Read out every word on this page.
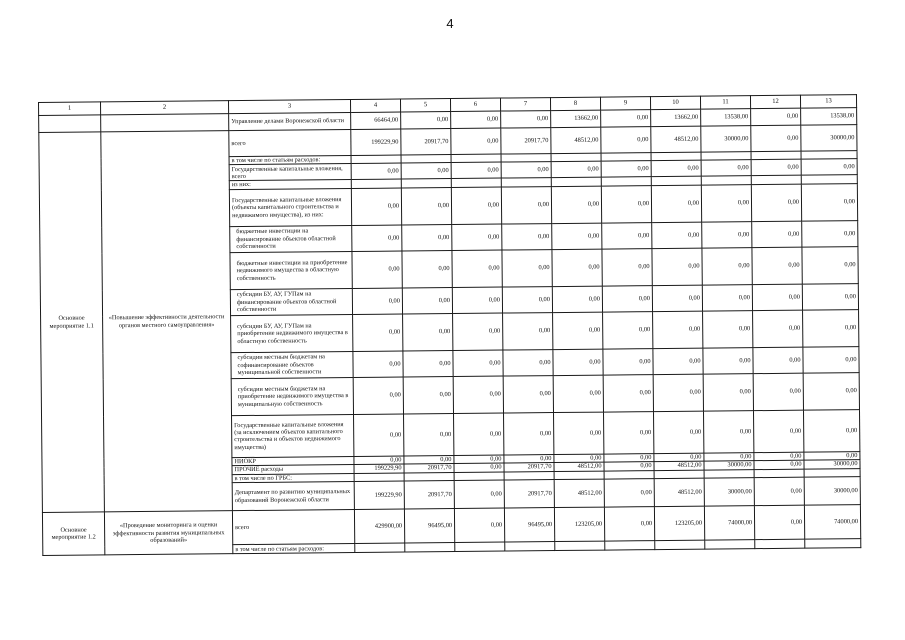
4
1	2	3	4	5	6	7	8	9	10	11	12	13
		Управление делами Воронежской области	66464,00	0,00	0,00	0,00	13662,00	0,00	13662,00	13538,00	0,00	13538,00
Основное мероприятие 1.1	«Повышение эффективности деятельности органов местного самоуправления»	всего	199229,90	20917,70	0,00	20917,70	48512,00	0,00	48512,00	30000,00	0,00	30000,00
		в том числе по статьям расходов:										
		Государственные капитальные вложения, всего	0,00	0,00	0,00	0,00	0,00	0,00	0,00	0,00	0,00	0,00
		из них:										
		Государственные капитальные вложения (объекты капитального строительства и недвижимого имущества), из них:	0,00	0,00	0,00	0,00	0,00	0,00	0,00	0,00	0,00	0,00
		бюджетные инвестиции на финансирование объектов областной собственности	0,00	0,00	0,00	0,00	0,00	0,00	0,00	0,00	0,00	0,00
		бюджетные инвестиции на приобретение недвижимого имущества в областную собственность	0,00	0,00	0,00	0,00	0,00	0,00	0,00	0,00	0,00	0,00
		субсидии БУ, АУ, ГУПам на финансирование объектов областной собственности	0,00	0,00	0,00	0,00	0,00	0,00	0,00	0,00	0,00	0,00
		субсидии БУ, АУ, ГУПам на приобретение недвижимого имущества в областную собственность	0,00	0,00	0,00	0,00	0,00	0,00	0,00	0,00	0,00	0,00
		субсидии местным бюджетам на софинансирование объектов муниципальной собственности	0,00	0,00	0,00	0,00	0,00	0,00	0,00	0,00	0,00	0,00
		субсидии местным бюджетам на приобретение недвижимого имущества в муниципальную собственность	0,00	0,00	0,00	0,00	0,00	0,00	0,00	0,00	0,00	0,00
		Государственные капитальные вложения (за исключением объектов капитального строительства и объектов недвижимого имущества)	0,00	0,00	0,00	0,00	0,00	0,00	0,00	0,00	0,00	0,00
		НИОКР	0,00	0,00	0,00	0,00	0,00	0,00	0,00	0,00	0,00	0,00
		ПРОЧИЕ расходы	199229,90	20917,70	0,00	20917,70	48512,00	0,00	48512,00	30000,00	0,00	30000,00
		в том числе по ГРБС:										
		Департамент по развитию муниципальных образований Воронежской области	199229,90	20917,70	0,00	20917,70	48512,00	0,00	48512,00	30000,00	0,00	30000,00
Основное мероприятие 1.2	«Проведение мониторинга и оценки эффективности развития муниципальных образований»	всего	429900,00	96495,00	0,00	96495,00	123205,00	0,00	123205,00	74000,00	0,00	74000,00
		в том числе по статьям расходов:										
